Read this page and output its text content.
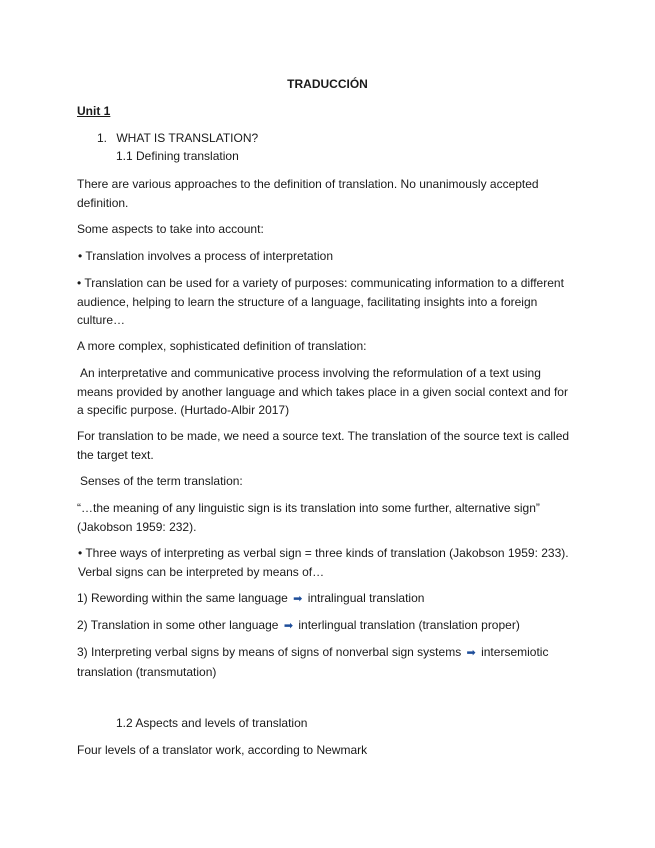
TRADUCCIÓN
Unit 1
1. WHAT IS TRANSLATION?
1.1 Defining translation
There are various approaches to the definition of translation. No unanimously accepted definition.
Some aspects to take into account:
• Translation involves a process of interpretation
• Translation can be used for a variety of purposes: communicating information to a different audience, helping to learn the structure of a language, facilitating insights into a foreign culture…
A more complex, sophisticated definition of translation:
An interpretative and communicative process involving the reformulation of a text using means provided by another language and which takes place in a given social context and for a specific purpose. (Hurtado-Albir 2017)
For translation to be made, we need a source text. The translation of the source text is called the target text.
Senses of the term translation:
“…the meaning of any linguistic sign is its translation into some further, alternative sign” (Jakobson 1959: 232).
• Three ways of interpreting as verbal sign = three kinds of translation (Jakobson 1959: 233). Verbal signs can be interpreted by means of…
1) Rewording within the same language ➡ intralingual translation
2) Translation in some other language ➡ interlingual translation (translation proper)
3) Interpreting verbal signs by means of signs of nonverbal sign systems ➡ intersemiotic translation (transmutation)
1.2 Aspects and levels of translation
Four levels of a translator work, according to Newmark
